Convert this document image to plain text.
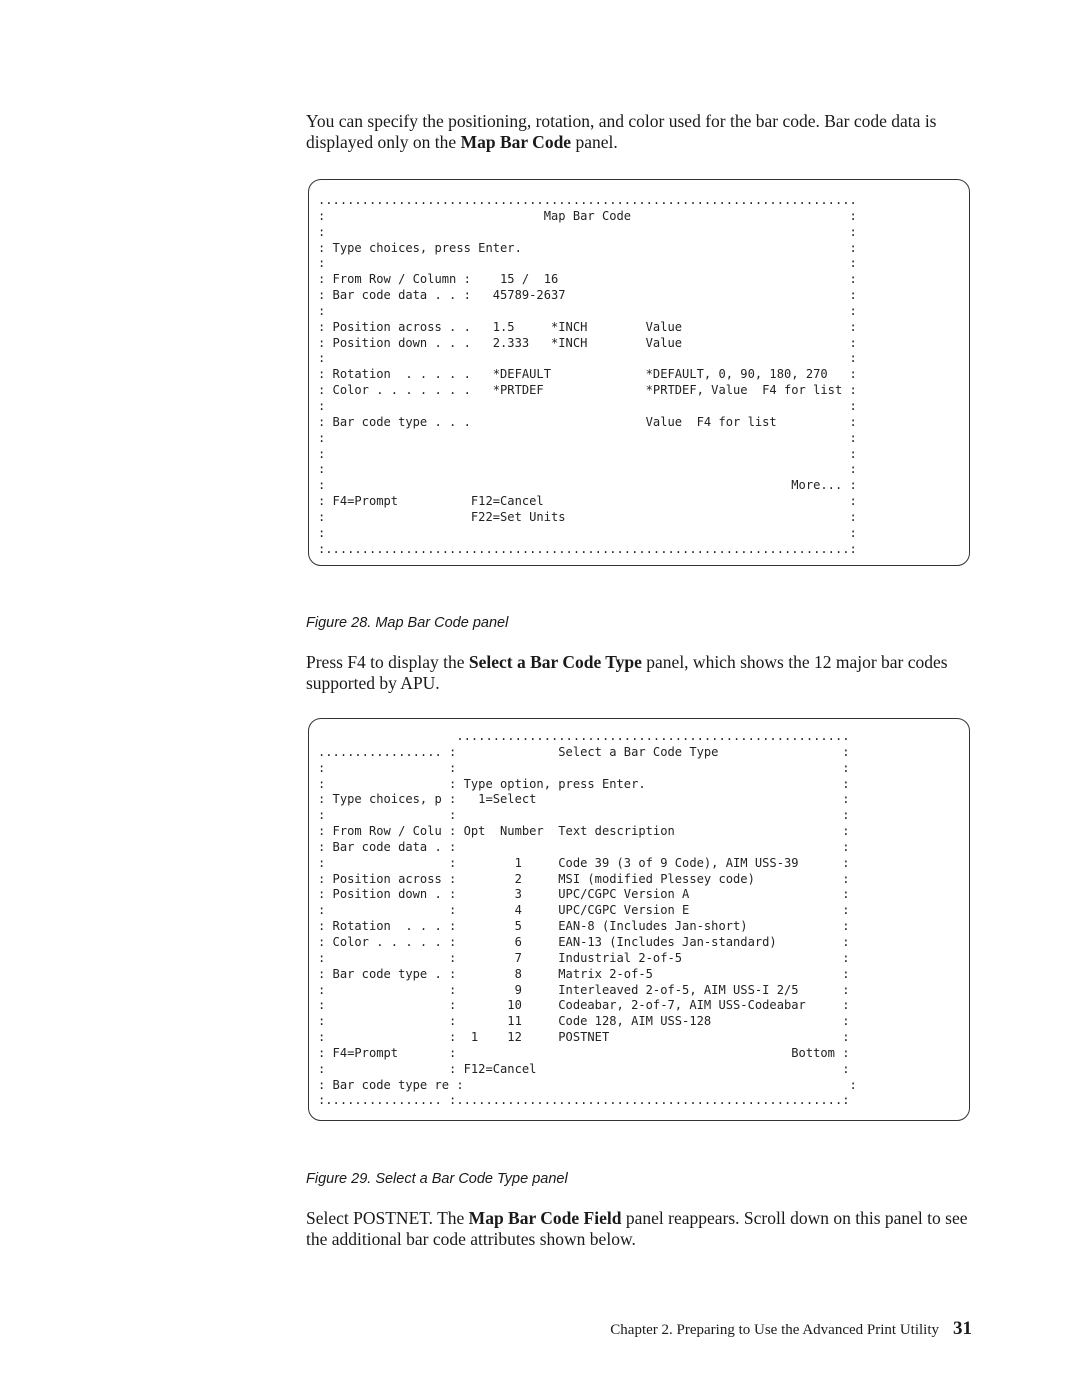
You can specify the positioning, rotation, and color used for the bar code. Bar code data is displayed only on the Map Bar Code panel.

..........................................................................
:                              Map Bar Code                              :
:                                                                        :
: Type choices, press Enter.                                             :
:                                                                        :
: From Row / Column :    15 /  16                                        :
: Bar code data . . :   45789-2637                                       :
:                                                                        :
: Position across . .   1.5     *INCH        Value                       :
: Position down . . .   2.333   *INCH        Value                       :
:                                                                        :
: Rotation  . . . . .   *DEFAULT             *DEFAULT, 0, 90, 180, 270   :
: Color . . . . . . .   *PRTDEF              *PRTDEF, Value  F4 for list :
:                                                                        :
: Bar code type . . .                        Value  F4 for list          :
:                                                                        :
:                                                                        :
:                                                                        :
:                                                                More... :
: F4=Prompt          F12=Cancel                                          :
:                    F22=Set Units                                       :
:                                                                        :
:........................................................................:

Figure 28. Map Bar Code panel

Press F4 to display the Select a Bar Code Type panel, which shows the 12 major bar codes supported by APU.

......................................................
................. :              Select a Bar Code Type                 :
:                 :                                                     :
:                 : Type option, press Enter.                           :
: Type choices, p :   1=Select                                          :
:                 :                                                     :
: From Row / Colu : Opt  Number  Text description                       :
: Bar code data . :                                                     :
:                 :        1     Code 39 (3 of 9 Code), AIM USS-39      :
: Position across :        2     MSI (modified Plessey code)            :
: Position down . :        3     UPC/CGPC Version A                     :
:                 :        4     UPC/CGPC Version E                     :
: Rotation  . . . :        5     EAN-8 (Includes Jan-short)             :
: Color . . . . . :        6     EAN-13 (Includes Jan-standard)         :
:                 :        7     Industrial 2-of-5                      :
: Bar code type . :        8     Matrix 2-of-5                          :
:                 :        9     Interleaved 2-of-5, AIM USS-I 2/5      :
:                 :       10     Codeabar, 2-of-7, AIM USS-Codeabar     :
:                 :       11     Code 128, AIM USS-128                  :
:                 :  1    12     POSTNET                                :
: F4=Prompt       :                                              Bottom :
:                 : F12=Cancel                                          :
: Bar code type re :                                                     :
:................ :.....................................................:

Figure 29. Select a Bar Code Type panel

Select POSTNET. The Map Bar Code Field panel reappears. Scroll down on this panel to see the additional bar code attributes shown below.

Chapter 2. Preparing to Use the Advanced Print Utility 31
